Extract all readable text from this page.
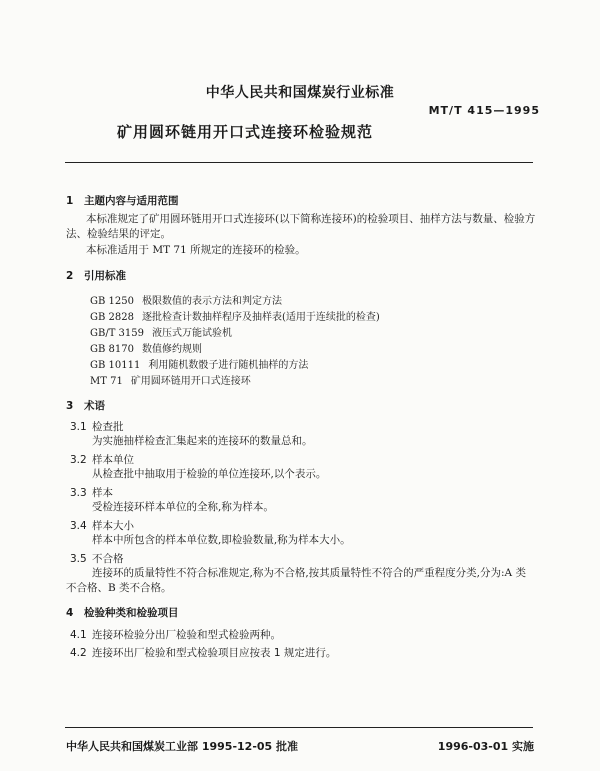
中华人民共和国煤炭行业标准
MT/T 415—1995
矿用圆环链用开口式连接环检验规范
1 主题内容与适用范围
本标准规定了矿用圆环链用开口式连接环(以下简称连接环)的检验项目、抽样方法与数量、检验方
法、检验结果的评定。
本标准适用于 MT 71 所规定的连接环的检验。
2 引用标准
GB 1250 极限数值的表示方法和判定方法
GB 2828 逐批检查计数抽样程序及抽样表(适用于连续批的检查)
GB/T 3159 液压式万能试验机
GB 8170 数值修约规则
GB 10111 利用随机数骰子进行随机抽样的方法
MT 71 矿用圆环链用开口式连接环
3 术语
3.1 检查批
为实施抽样检查汇集起来的连接环的数量总和。
3.2 样本单位
从检查批中抽取用于检验的单位连接环,以个表示。
3.3 样本
受检连接环样本单位的全称,称为样本。
3.4 样本大小
样本中所包含的样本单位数,即检验数量,称为样本大小。
3.5 不合格
连接环的质量特性不符合标准规定,称为不合格,按其质量特性不符合的严重程度分类,分为:A 类
不合格、B 类不合格。
4 检验种类和检验项目
4.1 连接环检验分出厂检验和型式检验两种。
4.2 连接环出厂检验和型式检验项目应按表 1 规定进行。
中华人民共和国煤炭工业部 1995-12-05 批准	1996-03-01 实施
